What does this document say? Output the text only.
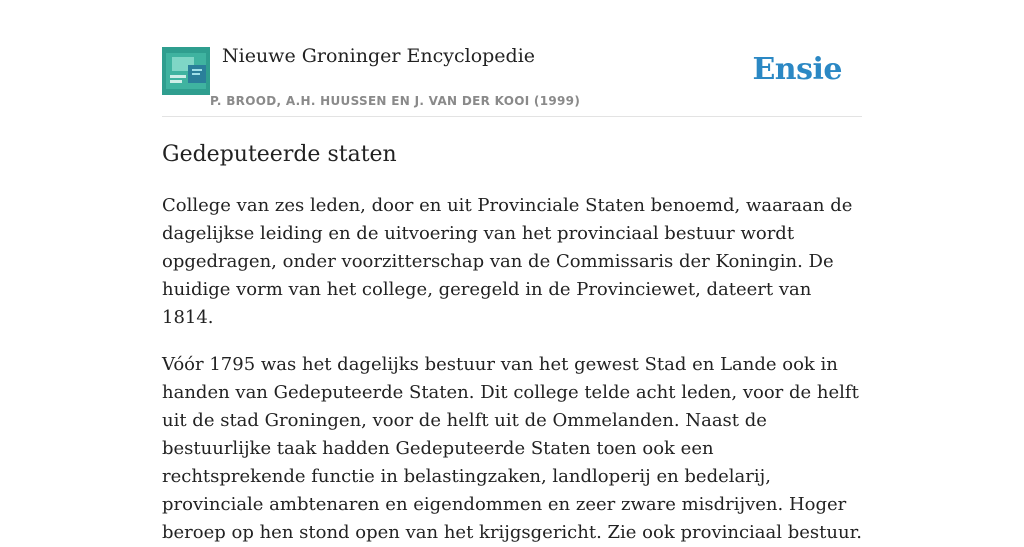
Nieuwe Groninger Encyclopedie
P. BROOD, A.H. HUUSSEN EN J. VAN DER KOOI (1999)
Ensie
Gedeputeerde staten

College van zes leden, door en uit Provinciale Staten benoemd, waaraan de dagelijkse leiding en de uitvoering van het provinciaal bestuur wordt opgedragen, onder voorzitterschap van de Commissaris der Koningin. De huidige vorm van het college, geregeld in de Provinciewet, dateert van 1814.

Vóór 1795 was het dagelijks bestuur van het gewest Stad en Lande ook in handen van Gedeputeerde Staten. Dit college telde acht leden, voor de helft uit de stad Groningen, voor de helft uit de Ommelanden. Naast de bestuurlijke taak hadden Gedeputeerde Staten toen ook een rechtsprekende functie in belastingzaken, landloperij en bedelarij, provinciale ambtenaren en eigendommen en zeer zware misdrijven. Hoger beroep op hen stond open van het krijgsgericht. Zie ook provinciaal bestuur.
